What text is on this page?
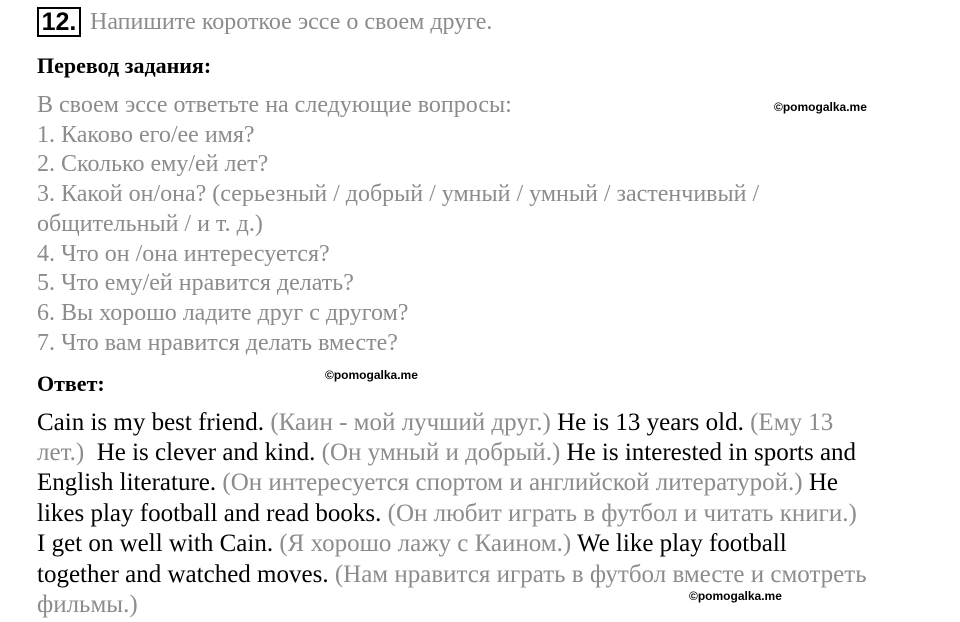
12. Напишите короткое эссе о своем друге.
Перевод задания:
В своем эссе ответьте на следующие вопросы:
1. Каково его/ее имя?
2. Сколько ему/ей лет?
3. Какой он/она? (серьезный / добрый / умный / умный / застенчивый /
общительный / и т. д.)
4. Что он /она интересуется?
5. Что ему/ей нравится делать?
6. Вы хорошо ладите друг с другом?
7. Что вам нравится делать вместе?
©pomogalka.me
©pomogalka.me
©pomogalka.me
Ответ:
Cain is my best friend. (Каин - мой лучший друг.) He is 13 years old. (Ему 13
лет.)  He is clever and kind. (Он умный и добрый.) He is interested in sports and
English literature. (Он интересуется спортом и английской литературой.) He
likes play football and read books. (Он любит играть в футбол и читать книги.)
I get on well with Cain. (Я хорошо лажу с Каином.) We like play football
together and watched moves. (Нам нравится играть в футбол вместе и смотреть
фильмы.)
